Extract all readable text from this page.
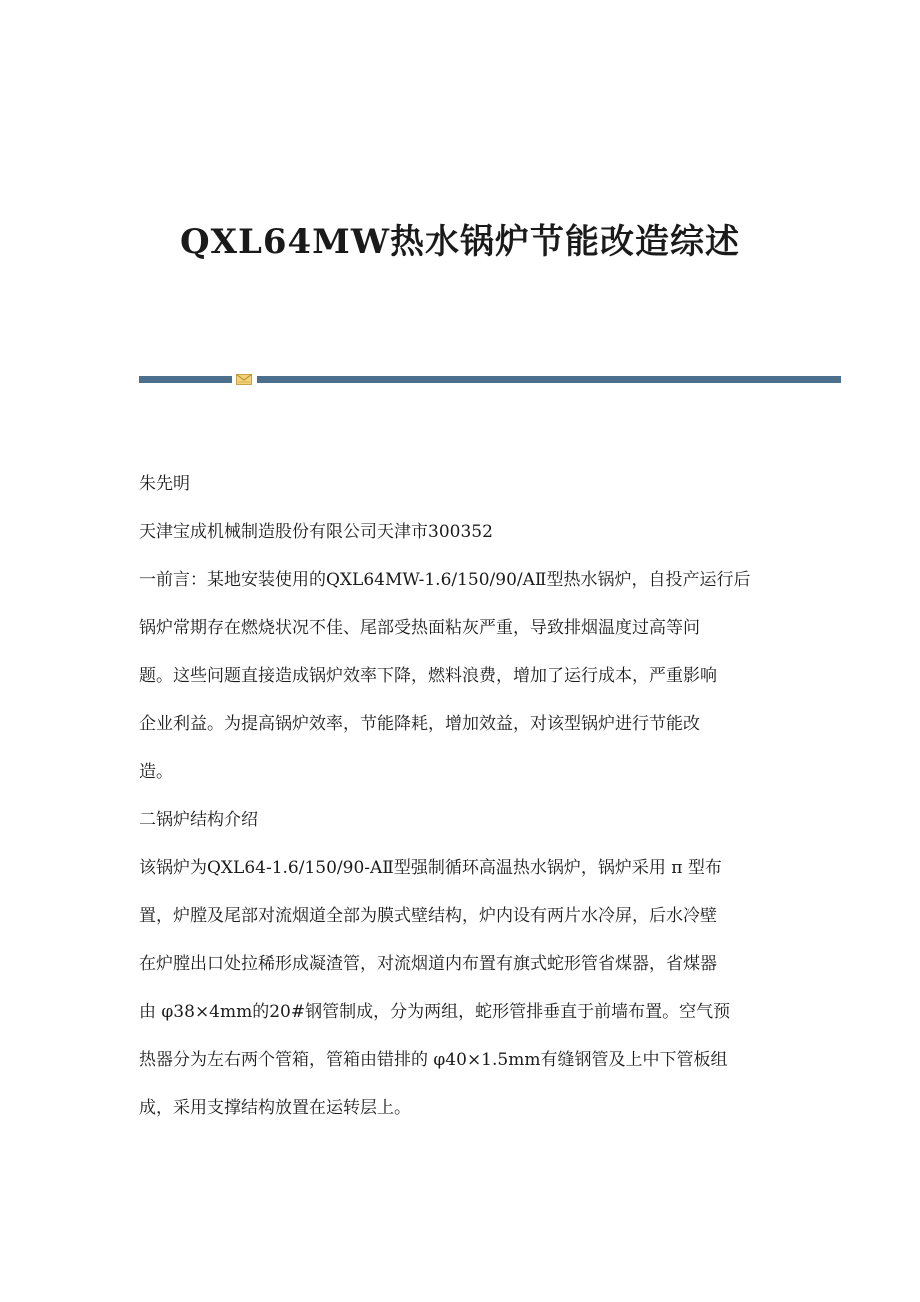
QXL64MW热水锅炉节能改造综述
朱先明
天津宝成机械制造股份有限公司天津市300352
一前言：某地安装使用的QXL64MW-1.6/150/90/AⅡ型热水锅炉，自投产运行后
锅炉常期存在燃烧状况不佳、尾部受热面粘灰严重，导致排烟温度过高等问
题。这些问题直接造成锅炉效率下降，燃料浪费，增加了运行成本，严重影响
企业利益。为提高锅炉效率，节能降耗，增加效益，对该型锅炉进行节能改
造。
二锅炉结构介绍
该锅炉为QXL64-1.6/150/90-AⅡ型强制循环高温热水锅炉，锅炉采用 π 型布
置，炉膛及尾部对流烟道全部为膜式壁结构，炉内设有两片水冷屏，后水冷壁
在炉膛出口处拉稀形成凝渣管，对流烟道内布置有旗式蛇形管省煤器，省煤器
由 φ38×4mm的20#钢管制成，分为两组，蛇形管排垂直于前墙布置。空气预
热器分为左右两个管箱，管箱由错排的 φ40×1.5mm有缝钢管及上中下管板组
成，采用支撑结构放置在运转层上。
